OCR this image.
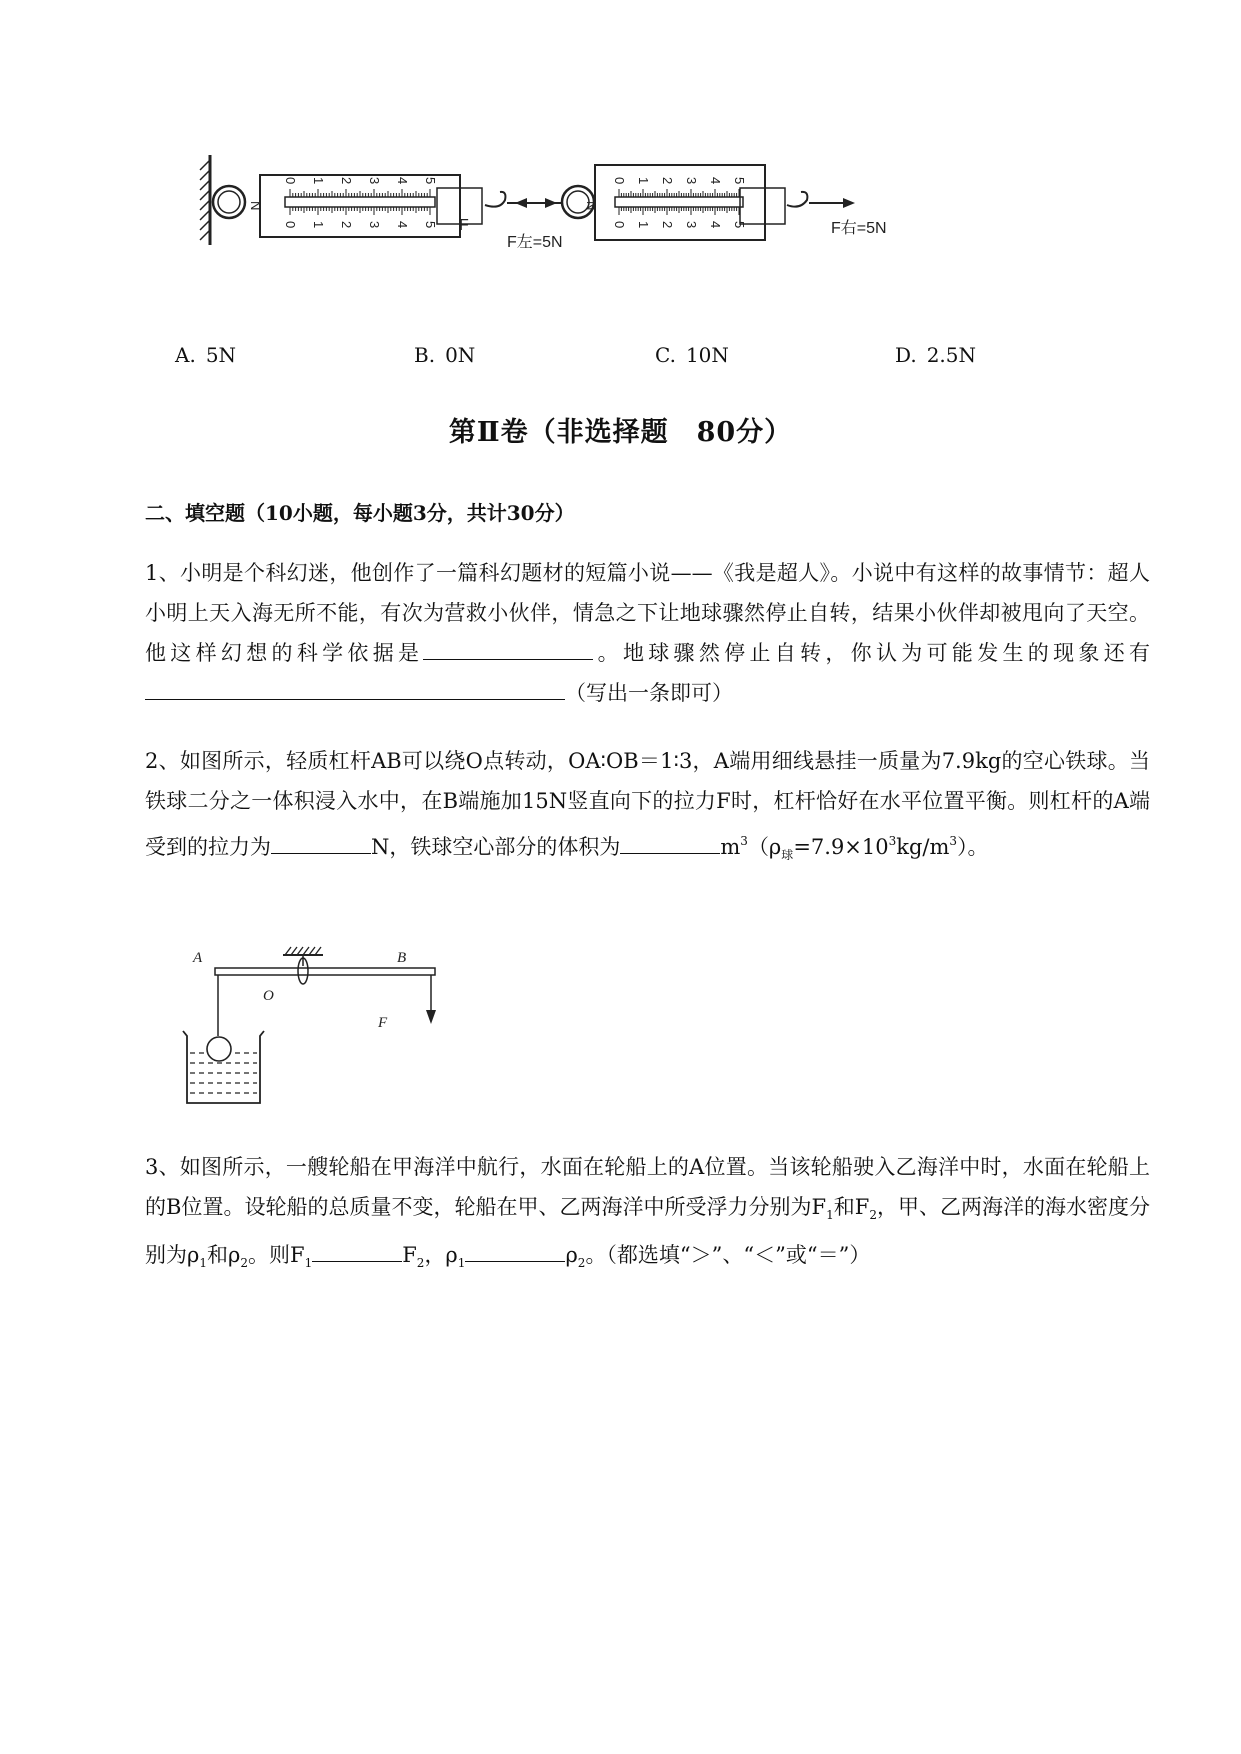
N
F
N
F左=5N
F右=5N
0
0
1
1
2
2
3
3
4
4
5
5
0
0
1
1
2
2
3
3
4
4
5
5
A. 5N	B. 0N	C. 10N	D. 2.5N
第Ⅱ卷（非选择题　80分）
二、填空题（10小题，每小题3分，共计30分）
1、小明是个科幻迷，他创作了一篇科幻题材的短篇小说——《我是超人》。小说中有这样的故事情节：超人小明上天入海无所不能，有次为营救小伙伴，情急之下让地球骤然停止自转，结果小伙伴却被甩向了天空。他这样幻想的科学依据是	。地球骤然停止自转，你认为可能发生的现象还有（写出一条即可）
2、如图所示，轻质杠杆AB可以绕O点转动，OA∶OB＝1∶3，A端用细线悬挂一质量为7.9kg的空心铁球。当铁球二分之一体积浸入水中，在B端施加15N竖直向下的拉力F时，杠杆恰好在水平位置平衡。则杠杆的A端受到的拉力为	N，铁球空心部分的体积为	$m^3(\rho_球=7.9\times 10^3kg/m^3)$。
A	B
O
F
3、如图所示，一艘轮船在甲海洋中航行，水面在轮船上的A位置。当该轮船驶入乙海洋中时，水面在轮船上的B位置。设轮船的总质量不变，轮船在甲、乙两海洋中所受浮力分别为$F_1$和$F_2$，甲、乙两海洋的海水密度分别为$\rho_1$和$\rho_2$。则$F_1$	$F_2$，$\rho_1$	$\rho_2$。（都选填“＞”、“＜”或“＝”）
